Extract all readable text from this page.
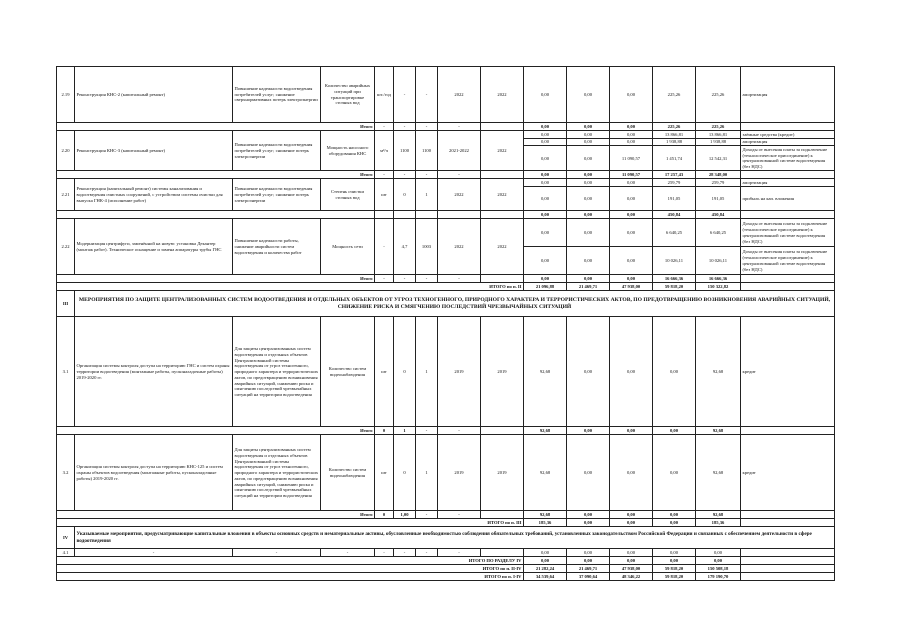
2.19	Реконструкция КНС-2 (капитальный ремонт)	Повышение надежности водоотведения потребителей услуг; снижение сверхнормативных потерь электроэнергии	Количество аварийных ситуаций при транспортировке сточных вод	шт./год	-	-	2022	2022	0,00	0,00	0,00	225,26	225,26	амортизация
Итого				-	-	-	-		0,00	0,00	0,00	225,26	225,26	
2.20	Реконструкция КНС-3 (капитальный ремонт)	Повышение надежности водоотведения потребителей услуг; снижение потерь электроэнергии	Мощность насосного оборудования КНС	м³/ч	1100	1100	2021-2022	2022	0,00	0,00	0,00	13 866,81	13 866,81	заёмные средства (кредит)
									0,00	0,00	0,00	1 938,88	1 938,88	амортизация
									0,00	0,00	11 090,57	1 451,74	12 542,31	Доходы от внесения платы за подключение (технологическое присоединение) к централизованной системе водоотведения (без НДС)
Итого				-	-	-	-		0,00	0,00	11 090,57	17 257,43	28 348,00	
2.21	Реконструкция (капитальный ремонт) системы канализования и водоотведения очистных сооружений, с устройством системы очистки для выпуска ГНК-4 (исполнение работ)	Повышение надежности водоотведения потребителей услуг; снижение потерь электроэнергии	Степень очистки сточных вод	шт	0	1	2022	2022	0,00	0,00	0,00	259,79	259,79	амортизация
									0,00	0,00	0,00	191,05	191,05	прибыль на кап. вложения
									0,00	0,00	0,00	450,84	450,84	
2.22	Модернизация центрифуги, заменённой на новую: установка Декантер (монтаж работ). Техническое оснащение и замена аппаратуры трубы ГНС	Повышение надежности работы, снижение аварийности систем водоотведения и количества работ	Мощность сети	-	4,7	1003	2022	2022	0,00	0,00	0,00	6 640,25	6 640,25	Доходы от внесения платы за подключение (технологическое присоединение) к централизованной системе водоотведения (без НДС)
									0,00	0,00	0,00	10 026,11	10 026,11	Доходы от внесения платы за подключение (технологическое присоединение) к централизованной системе водоотведения (без НДС)
Итого				-	-	-	-		0,00	0,00	0,00	16 666,36	16 666,36	
ИТОГО по п. II									21 096,88	21 469,71	47 938,00	59 818,20	150 322,82	
III	МЕРОПРИЯТИЯ ПО ЗАЩИТЕ ЦЕНТРАЛИЗОВАННЫХ СИСТЕМ ВОДООТВЕДЕНИЯ И ОТДЕЛЬНЫХ ОБЪЕКТОВ ОТ УГРОЗ ТЕХНОГЕННОГО, ПРИРОДНОГО ХАРАКТЕРА И ТЕРРОРИСТИЧЕСКИХ АКТОВ, ПО ПРЕДОТВРАЩЕНИЮ ВОЗНИКНОВЕНИЯ АВАРИЙНЫХ СИТУАЦИЙ, СНИЖЕНИЕ РИСКА И СМЯГЧЕНИЮ ПОСЛЕДСТВИЙ ЧРЕЗВЫЧАЙНЫХ СИТУАЦИЙ													
3.1	Организация системы контроля доступа на территорию ГНС и систем охраны территории водоотведения (монтажные работы, пусконаладочные работы) 2019-2020 гг.	Для защиты централизованных систем водоотведения и отдельных объектов Централизованной системы водоотведения от угроз техногенного, природного характера и террористических актов, по предотвращению возникновения аварийных ситуаций, снижению риска и смягчению последствий чрезвычайных ситуаций на территории водоотведения	Количество систем видеонаблюдения	шт	0	1	2019	2019	92,68	0,00	0,00	0,00	92,68	кредит
Итого				0	1	-	-		92,68	0,00	0,00	0,00	92,68	
3.2	Организация системы контроля доступа на территорию КНС-125 и систем охраны объектов водоотведения (монтажные работы, пусконаладочные работы) 2019-2020 гг.	Для защиты централизованных систем водоотведения и отдельных объектов Централизованной системы водоотведения от угроз техногенного, природного характера и террористических актов, по предотвращению возникновения аварийных ситуаций, снижению риска и смягчению последствий чрезвычайных ситуаций на территории водоотведения	Количество систем видеонаблюдения	шт	0	1	2019	2019	92,68	0,00	0,00	0,00	92,68	кредит
Итого				0	1,00	-	-		92,68	0,00	0,00	0,00	92,68	
ИТОГО по п. III									185,36	0,00	0,00	0,00	185,36	
IV	Указываемые мероприятия, предусматривающие капитальные вложения в объекты основных средств и нематериальные активы, обусловленные необходимостью соблюдения обязательных требований, установленных законодательством Российской Федерации и связанных с обеспечением деятельности в сфере водоотведения													
4.1	-	-	-	-	-	-	-		0,00	0,00	0,00	0,00	0,00	
ИТОГО ПО РАЗДЕЛУ IV									0,00	0,00	0,00	0,00	0,00	
ИТОГО по п. II-IV									21 282,24	21 469,71	47 938,00	59 818,20	150 508,18	
ИТОГО по п. I-IV									34 539,64	37 090,64	48 346,22	59 818,20	179 190,70	
